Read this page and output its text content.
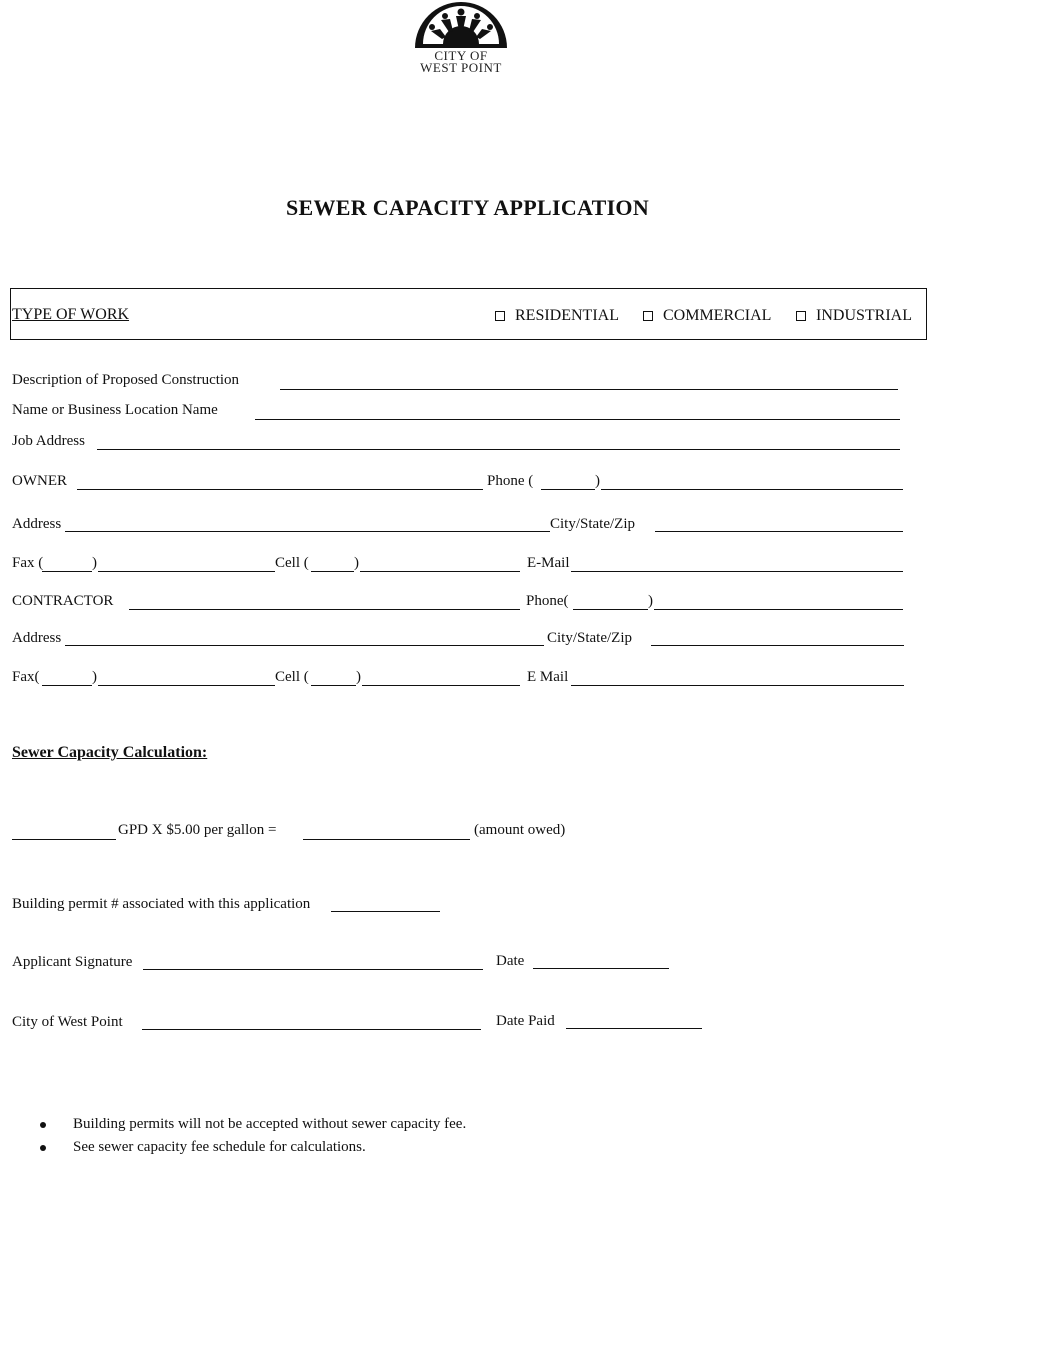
CITY OF
WEST POINT
SEWER CAPACITY APPLICATION
TYPE OF WORK	RESIDENTIAL	COMMERCIAL	INDUSTRIAL
Description of Proposed Construction
Name or Business Location Name
Job Address
OWNER	Phone (	)
Address	City/State/Zip
Fax (	)	Cell (	)	E-Mail
CONTRACTOR	Phone(	)
Address	City/State/Zip
Fax(	)	Cell (	)	E Mail
Sewer Capacity Calculation:
GPD X $5.00 per gallon =	(amount owed)
Building permit # associated with this application
Applicant Signature	Date
City of West Point	Date Paid
Building permits will not be accepted without sewer capacity fee.
See sewer capacity fee schedule for calculations.
